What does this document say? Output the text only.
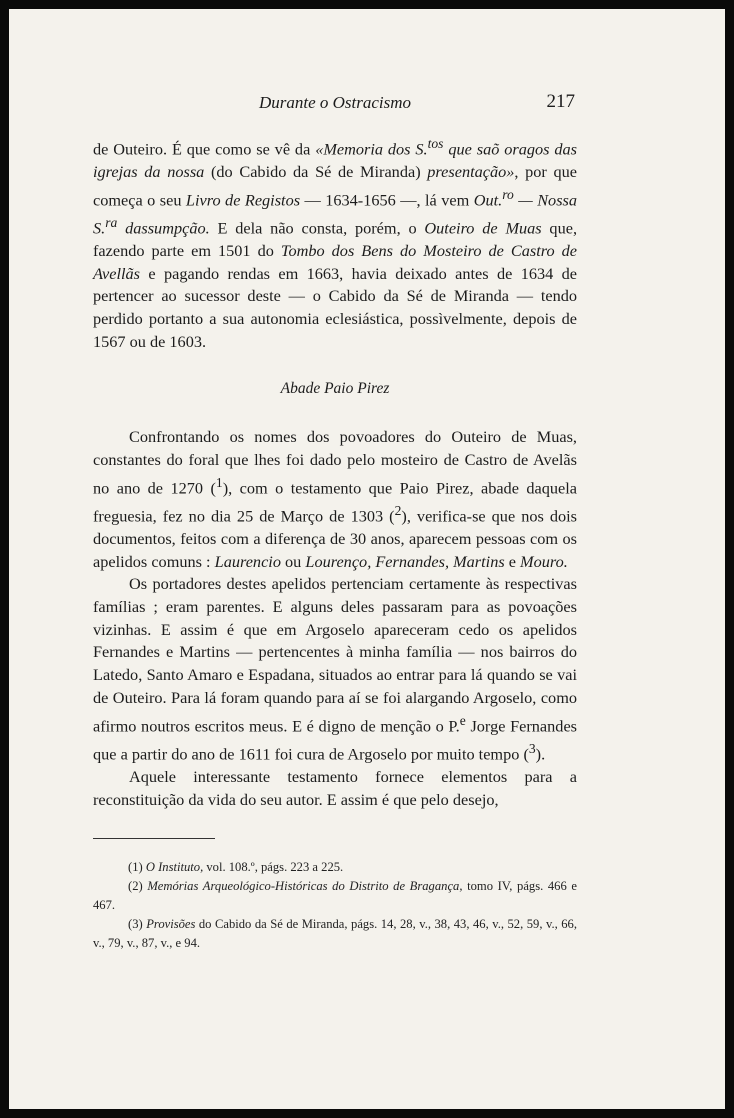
Durante o Ostracismo	217

de Outeiro. É que como se vê da «Memoria dos S.$^{tos}$ que saõ oragos das igrejas da nossa (do Cabido da Sé de Miranda) presentação», por que começa o seu Livro de Registos — 1634-1656 —, lá vem Out.$^{ro}$ — Nossa S.$^{ra}$ dassumpção. E dela não consta, porém, o Outeiro de Muas que, fazendo parte em 1501 do Tombo dos Bens do Mosteiro de Castro de Avellãs e pagando rendas em 1663, havia deixado antes de 1634 de pertencer ao sucessor deste — o Cabido da Sé de Miranda — tendo perdido portanto a sua autonomia eclesiástica, possìvelmente, depois de 1567 ou de 1603.

Abade Paio Pirez

Confrontando os nomes dos povoadores do Outeiro de Muas, constantes do foral que lhes foi dado pelo mosteiro de Castro de Avelãs no ano de 1270 ($^1$), com o testamento que Paio Pirez, abade daquela freguesia, fez no dia 25 de Março de 1303 ($^2$), verifica-se que nos dois documentos, feitos com a diferença de 30 anos, aparecem pessoas com os apelidos comuns : Laurencio ou Lourenço, Fernandes, Martins e Mouro.

Os portadores destes apelidos pertenciam certamente às respectivas famílias ; eram parentes. E alguns deles passaram para as povoações vizinhas. E assim é que em Argoselo apareceram cedo os apelidos Fernandes e Martins — pertencentes à minha família — nos bairros do Latedo, Santo Amaro e Espadana, situados ao entrar para lá quando se vai de Outeiro. Para lá foram quando para aí se foi alargando Argoselo, como afirmo noutros escritos meus. E é digno de menção o P.$^e$ Jorge Fernandes que a partir do ano de 1611 foi cura de Argoselo por muito tempo ($^3$).

Aquele interessante testamento fornece elementos para a reconstituição da vida do seu autor. E assim é que pelo desejo,

(1) O Instituto, vol. 108.º, págs. 223 a 225.

(2) Memórias Arqueológico-Históricas do Distrito de Bragança, tomo IV, págs. 466 e 467.

(3) Provisões do Cabido da Sé de Miranda, págs. 14, 28, v., 38, 43, 46, v., 52, 59, v., 66, v., 79, v., 87, v., e 94.
